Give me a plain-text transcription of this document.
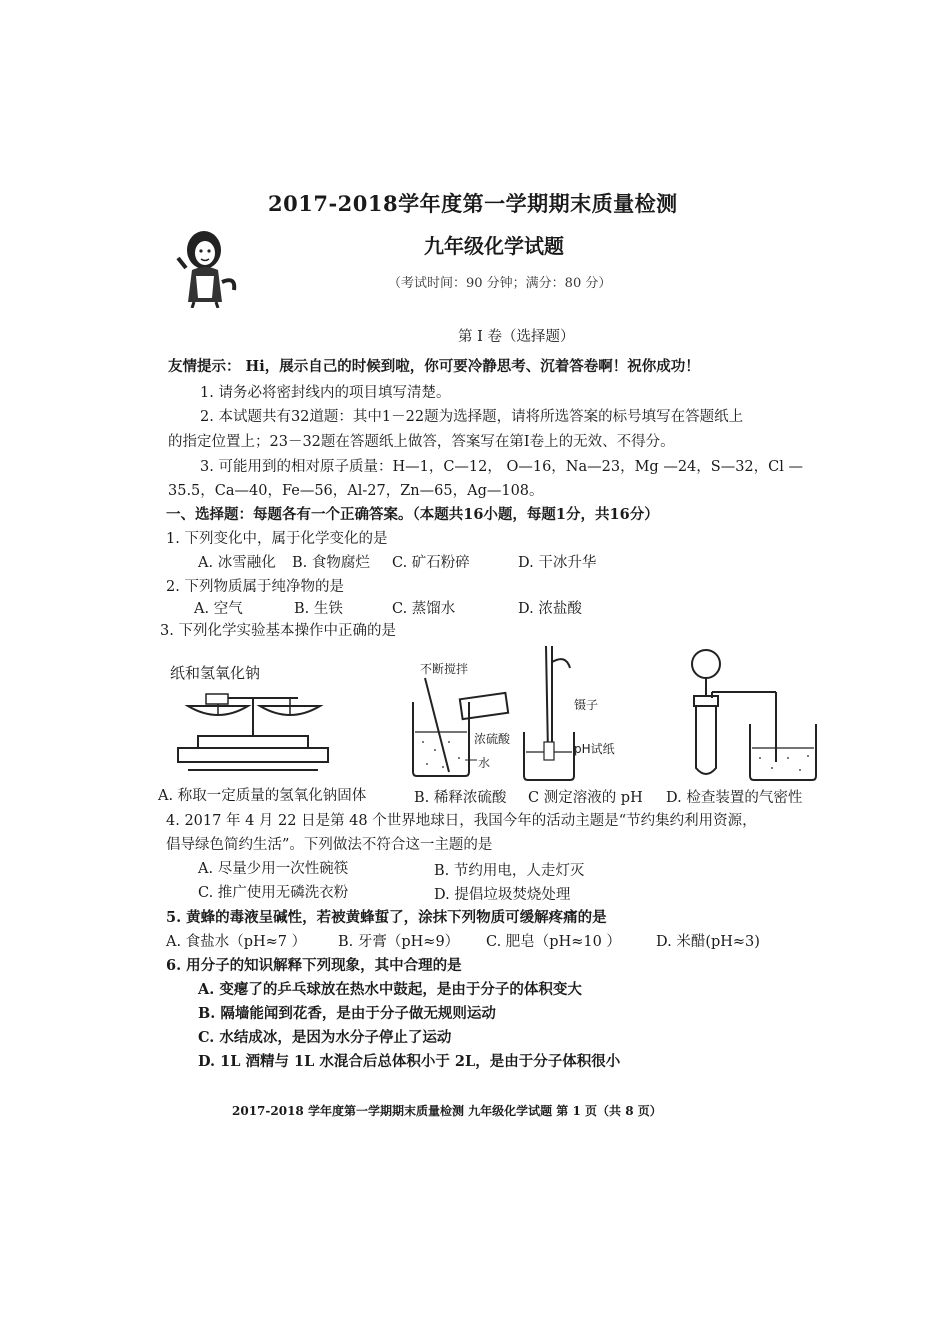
2017-2018学年度第一学期期末质量检测
九年级化学试题
（考试时间：90 分钟；满分：80 分）
第 Ⅰ 卷（选择题）
友情提示： Hi，展示自己的时候到啦，你可要冷静思考、沉着答卷啊！祝你成功！
1. 请务必将密封线内的项目填写清楚。
2. 本试题共有32道题：其中1－22题为选择题，请将所选答案的标号填写在答题纸上
的指定位置上；23－32题在答题纸上做答，答案写在第Ⅰ卷上的无效、不得分。
3. 可能用到的相对原子质量：H—1，C—12， O—16，Na—23，Mg —24，S—32，Cl —
35.5，Ca—40，Fe—56，Al-27，Zn—65，Ag—108。
一、选择题：每题各有一个正确答案。（本题共16小题，每题1分，共16分）
1. 下列变化中，属于化学变化的是
A. 冰雪融化 B. 食物腐烂 C. 矿石粉碎	D. 干冰升华
2. 下列物质属于纯净物的是
A. 空气	B. 生铁	C. 蒸馏水	D. 浓盐酸
3. 下列化学实验基本操作中正确的是
纸和氢氧化钠	不断搅拌
浓硫酸
水
镊子
pH试纸
A. 称取一定质量的氢氧化钠固体	B. 稀释浓硫酸 C 测定溶液的 pH D. 检查装置的气密性
4. 2017 年 4 月 22 日是第 48 个世界地球日，我国今年的活动主题是“节约集约利用资源，
倡导绿色简约生活”。下列做法不符合这一主题的是
A. 尽量少用一次性碗筷	B. 节约用电，人走灯灭
C. 推广使用无磷洗衣粉	D. 提倡垃圾焚烧处理
5. 黄蜂的毒液呈碱性，若被黄蜂蜇了，涂抹下列物质可缓解疼痛的是
A. 食盐水（pH≈7 ） B. 牙膏（pH≈9） C. 肥皂（pH≈10 ） D. 米醋(pH≈3)
6. 用分子的知识解释下列现象，其中合理的是
A. 变瘪了的乒乓球放在热水中鼓起，是由于分子的体积变大
B. 隔墙能闻到花香，是由于分子做无规则运动
C. 水结成冰，是因为水分子停止了运动
D. 1L 酒精与 1L 水混合后总体积小于 2L，是由于分子体积很小
2017-2018 学年度第一学期期末质量检测 九年级化学试题 第 1 页（共 8 页）
